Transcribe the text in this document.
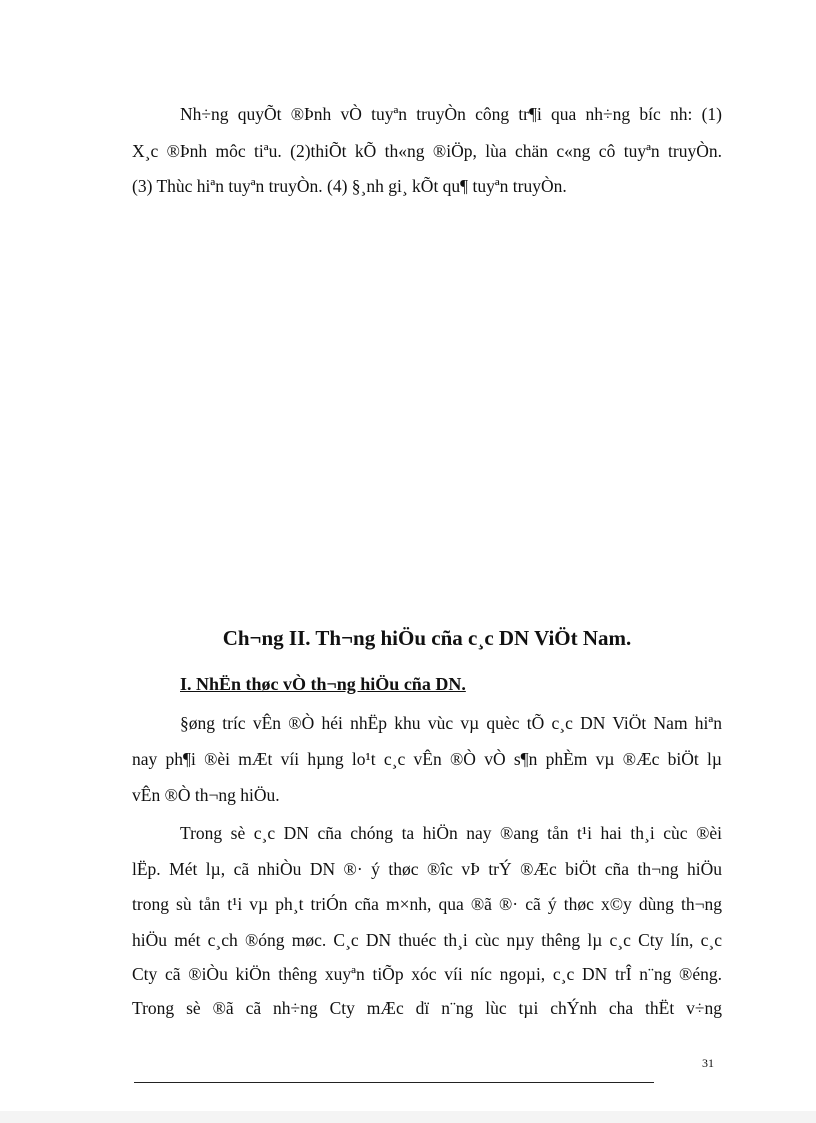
Nh÷ng quyÕt ®Þnh vÒ tuyªn truyÒn công tr¶i qua nh÷ng bíc nh: (1)
X¸c ®Þnh môc tiªu. (2)thiÕt kÕ th«ng ®iÖp, lùa chän c«ng cô tuyªn truyÒn.
(3) Thùc hiªn tuyªn truyÒn. (4) §¸nh gi¸ kÕt qu¶ tuyªn truyÒn.
Ch¬ng II. Th¬ng hiÖu cña c¸c DN ViÖt Nam.
I. NhËn thøc vÒ th¬ng hiÖu cña DN.
§øng tríc vÊn ®Ò héi nhËp khu vùc vµ quèc tÕ c¸c DN ViÖt Nam hiªn
nay ph¶i ®èi mÆt víi hµng lo¹t c¸c vÊn ®Ò vÒ s¶n phÈm vµ ®Æc biÖt lµ
vÊn ®Ò th¬ng hiÖu.
Trong sè c¸c DN cña chóng ta hiÖn nay ®ang tån t¹i hai th¸i cùc ®èi
lËp. Mét lµ, cã nhiÒu DN ®· ý thøc ®îc vÞ trÝ ®Æc biÖt cña th¬ng hiÖu
trong sù tån t¹i vµ ph¸t triÓn cña m×nh, qua ®ã ®· cã ý thøc x©y dùng th¬ng
hiÖu mét c¸ch ®óng møc. C¸c DN thuéc th¸i cùc nµy thêng lµ c¸c Cty lín, c¸c
Cty cã ®iÒu kiÖn thêng xuyªn tiÕp xóc víi níc ngoµi, c¸c DN trÎ n¨ng ®éng.
Trong sè ®ã cã nh÷ng Cty mÆc dï n¨ng lùc tµi chÝnh cha thËt v÷ng
31
